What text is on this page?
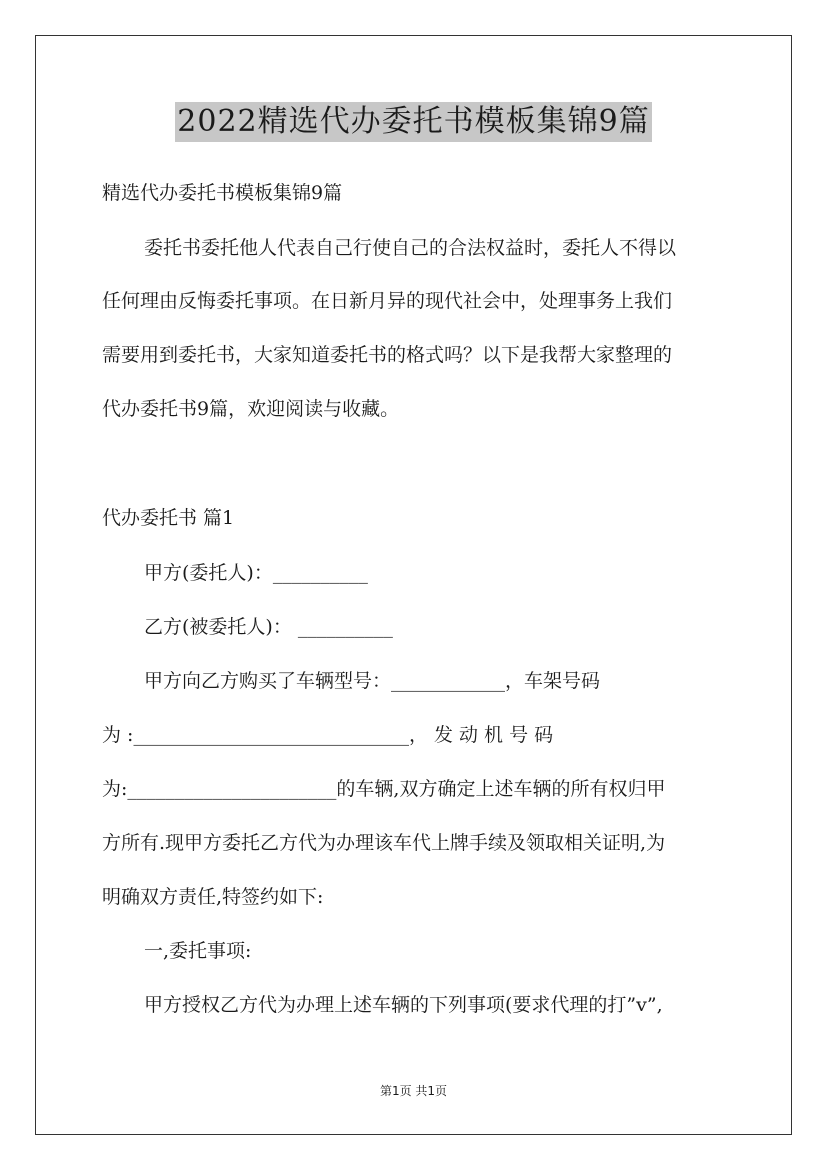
2022精选代办委托书模板集锦9篇
精选代办委托书模板集锦9篇
委托书委托他人代表自己行使自己的合法权益时，委托人不得以
任何理由反悔委托事项。在日新月异的现代社会中，处理事务上我们
需要用到委托书，大家知道委托书的格式吗？以下是我帮大家整理的
代办委托书9篇，欢迎阅读与收藏。
代办委托书 篇1
甲方(委托人)：__________
乙方(被委托人)： __________
甲方向乙方购买了车辆型号：____________，车架号码
为 :_____________________________， 发 动 机 号 码
为:______________________的车辆,双方确定上述车辆的所有权归甲
方所有.现甲方委托乙方代为办理该车代上牌手续及领取相关证明,为
明确双方责任,特签约如下:
一,委托事项:
甲方授权乙方代为办理上述车辆的下列事项(要求代理的打”v”,
第1页 共1页
